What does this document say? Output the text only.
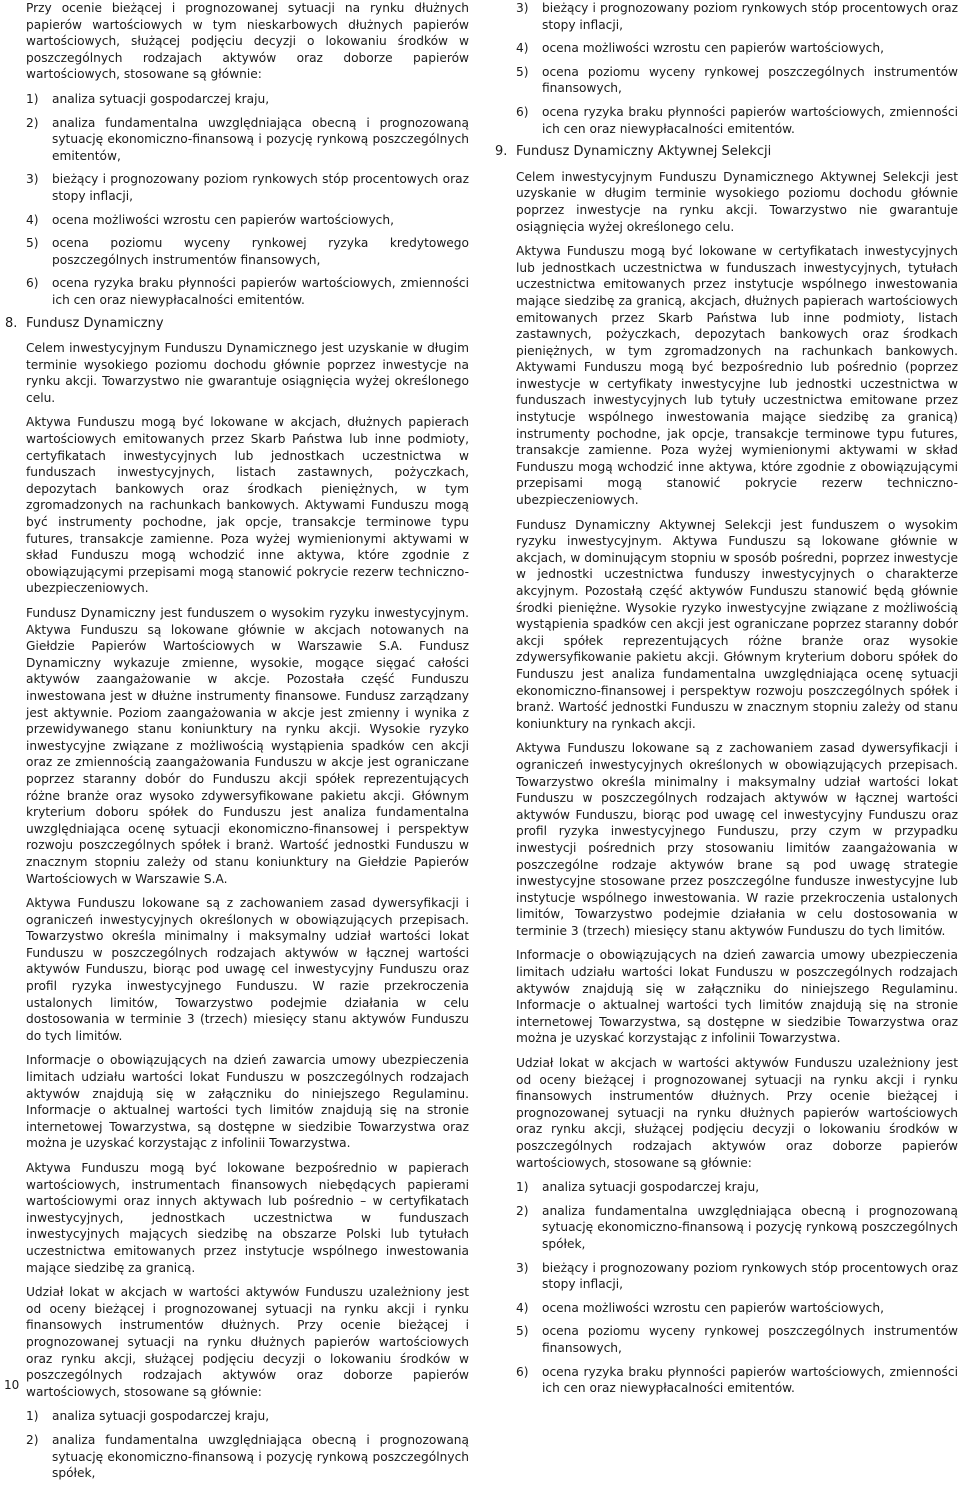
Przy ocenie bieżącej i prognozowanej sytuacji na rynku dłużnych papierów wartościowych w tym nieskarbowych dłużnych papierów wartościowych, służącej podjęciu decyzji o lokowaniu środków w poszczególnych rodzajach aktywów oraz doborze papierów wartościowych, stosowane są głównie:

1)	analiza sytuacji gospodarczej kraju,
2)	analiza fundamentalna uwzględniająca obecną i prognozowaną sytuację ekonomiczno-finansową i pozycję rynkową poszczególnych emitentów,
3)	bieżący i prognozowany poziom rynkowych stóp procentowych oraz stopy inflacji,
4)	ocena możliwości wzrostu cen papierów wartościowych,
5)	ocena poziomu wyceny rynkowej ryzyka kredytowego poszczególnych instrumentów finansowych,
6)	ocena ryzyka braku płynności papierów wartościowych, zmienności ich cen oraz niewypłacalności emitentów.
8. Fundusz Dynamiczny

Celem inwestycyjnym Funduszu Dynamicznego jest uzyskanie w długim terminie wysokiego poziomu dochodu głównie poprzez inwestycje na rynku akcji. Towarzystwo nie gwarantuje osiągnięcia wyżej określonego celu.

Aktywa Funduszu mogą być lokowane w akcjach, dłużnych papierach wartościowych emitowanych przez Skarb Państwa lub inne podmioty, certyfikatach inwestycyjnych lub jednostkach uczestnictwa w funduszach inwestycyjnych, listach zastawnych, pożyczkach, depozytach bankowych oraz środkach pieniężnych, w tym zgromadzonych na rachunkach bankowych. Aktywami Funduszu mogą być instrumenty pochodne, jak opcje, transakcje terminowe typu futures, transakcje zamienne. Poza wyżej wymienionymi aktywami w skład Funduszu mogą wchodzić inne aktywa, które zgodnie z obowiązującymi przepisami mogą stanowić pokrycie rezerw techniczno-ubezpieczeniowych.

Fundusz Dynamiczny jest funduszem o wysokim ryzyku inwestycyjnym. Aktywa Funduszu są lokowane głównie w akcjach notowanych na Giełdzie Papierów Wartościowych w Warszawie S.A. Fundusz Dynamiczny wykazuje zmienne, wysokie, mogące sięgać całości aktywów zaangażowanie w akcje. Pozostała część Funduszu inwestowana jest w dłużne instrumenty finansowe. Fundusz zarządzany jest aktywnie. Poziom zaangażowania w akcje jest zmienny i wynika z przewidywanego stanu koniunktury na rynku akcji. Wysokie ryzyko inwestycyjne związane z możliwością wystąpienia spadków cen akcji oraz ze zmiennością zaangażowania Funduszu w akcje jest ograniczane poprzez staranny dobór do Funduszu akcji spółek reprezentujących różne branże oraz wysoko zdywersyfikowane pakietu akcji. Głównym kryterium doboru spółek do Funduszu jest analiza fundamentalna uwzględniająca ocenę sytuacji ekonomiczno-finansowej i perspektyw rozwoju poszczególnych spółek i branż. Wartość jednostki Funduszu w znacznym stopniu zależy od stanu koniunktury na Giełdzie Papierów Wartościowych w Warszawie S.A.

Aktywa Funduszu lokowane są z zachowaniem zasad dywersyfikacji i ograniczeń inwestycyjnych określonych w obowiązujących przepisach. Towarzystwo określa minimalny i maksymalny udział wartości lokat Funduszu w poszczególnych rodzajach aktywów w łącznej wartości aktywów Funduszu, biorąc pod uwagę cel inwestycyjny Funduszu oraz profil ryzyka inwestycyjnego Funduszu. W razie przekroczenia ustalonych limitów, Towarzystwo podejmie działania w celu dostosowania w terminie 3 (trzech) miesięcy stanu aktywów Funduszu do tych limitów.

Informacje o obowiązujących na dzień zawarcia umowy ubezpieczenia limitach udziału wartości lokat Funduszu w poszczególnych rodzajach aktywów znajdują się w załączniku do niniejszego Regulaminu. Informacje o aktualnej wartości tych limitów znajdują się na stronie internetowej Towarzystwa, są dostępne w siedzibie Towarzystwa oraz można je uzyskać korzystając z infolinii Towarzystwa.

Aktywa Funduszu mogą być lokowane bezpośrednio w papierach wartościowych, instrumentach finansowych niebędących papierami wartościowymi oraz innych aktywach lub pośrednio – w certyfikatach inwestycyjnych, jednostkach uczestnictwa w funduszach inwestycyjnych mających siedzibę na obszarze Polski lub tytułach uczestnictwa emitowanych przez instytucje wspólnego inwestowania mające siedzibę za granicą.

Udział lokat w akcjach w wartości aktywów Funduszu uzależniony jest od oceny bieżącej i prognozowanej sytuacji na rynku akcji i rynku finansowych instrumentów dłużnych. Przy ocenie bieżącej i prognozowanej sytuacji na rynku dłużnych papierów wartościowych oraz rynku akcji, służącej podjęciu decyzji o lokowaniu środków w poszczególnych rodzajach aktywów oraz doborze papierów wartościowych, stosowane są głównie:

1)	analiza sytuacji gospodarczej kraju,
2)	analiza fundamentalna uwzględniająca obecną i prognozowaną sytuację ekonomiczno-finansową i pozycję rynkową poszczególnych spółek,
3)	bieżący i prognozowany poziom rynkowych stóp procentowych oraz stopy inflacji,
4)	ocena możliwości wzrostu cen papierów wartościowych,
5)	ocena poziomu wyceny rynkowej poszczególnych instrumentów finansowych,
6)	ocena ryzyka braku płynności papierów wartościowych, zmienności ich cen oraz niewypłacalności emitentów.
9. Fundusz Dynamiczny Aktywnej Selekcji

Celem inwestycyjnym Funduszu Dynamicznego Aktywnej Selekcji jest uzyskanie w długim terminie wysokiego poziomu dochodu głównie poprzez inwestycje na rynku akcji. Towarzystwo nie gwarantuje osiągnięcia wyżej określonego celu.

Aktywa Funduszu mogą być lokowane w certyfikatach inwestycyjnych lub jednostkach uczestnictwa w funduszach inwestycyjnych, tytułach uczestnictwa emitowanych przez instytucje wspólnego inwestowania mające siedzibę za granicą, akcjach, dłużnych papierach wartościowych emitowanych przez Skarb Państwa lub inne podmioty, listach zastawnych, pożyczkach, depozytach bankowych oraz środkach pieniężnych, w tym zgromadzonych na rachunkach bankowych. Aktywami Funduszu mogą być bezpośrednio lub pośrednio (poprzez inwestycje w certyfikaty inwestycyjne lub jednostki uczestnictwa w funduszach inwestycyjnych lub tytuły uczestnictwa emitowane przez instytucje wspólnego inwestowania mające siedzibę za granicą) instrumenty pochodne, jak opcje, transakcje terminowe typu futures, transakcje zamienne. Poza wyżej wymienionymi aktywami w skład Funduszu mogą wchodzić inne aktywa, które zgodnie z obowiązującymi przepisami mogą stanowić pokrycie rezerw techniczno-ubezpieczeniowych.

Fundusz Dynamiczny Aktywnej Selekcji jest funduszem o wysokim ryzyku inwestycyjnym. Aktywa Funduszu są lokowane głównie w akcjach, w dominującym stopniu w sposób pośredni, poprzez inwestycje w jednostki uczestnictwa funduszy inwestycyjnych o charakterze akcyjnym. Pozostałą część aktywów Funduszu stanowić będą głównie środki pieniężne. Wysokie ryzyko inwestycyjne związane z możliwością wystąpienia spadków cen akcji jest ograniczane poprzez staranny dobór akcji spółek reprezentujących różne branże oraz wysokie zdywersyfikowanie pakietu akcji. Głównym kryterium doboru spółek do Funduszu jest analiza fundamentalna uwzględniająca ocenę sytuacji ekonomiczno-finansowej i perspektyw rozwoju poszczególnych spółek i branż. Wartość jednostki Funduszu w znacznym stopniu zależy od stanu koniunktury na rynkach akcji.

Aktywa Funduszu lokowane są z zachowaniem zasad dywersyfikacji i ograniczeń inwestycyjnych określonych w obowiązujących przepisach. Towarzystwo określa minimalny i maksymalny udział wartości lokat Funduszu w poszczególnych rodzajach aktywów w łącznej wartości aktywów Funduszu, biorąc pod uwagę cel inwestycyjny Funduszu oraz profil ryzyka inwestycyjnego Funduszu, przy czym w przypadku inwestycji pośrednich przy stosowaniu limitów zaangażowania w poszczególne rodzaje aktywów brane są pod uwagę strategie inwestycyjne stosowane przez poszczególne fundusze inwestycyjne lub instytucje wspólnego inwestowania. W razie przekroczenia ustalonych limitów, Towarzystwo podejmie działania w celu dostosowania w terminie 3 (trzech) miesięcy stanu aktywów Funduszu do tych limitów.

Informacje o obowiązujących na dzień zawarcia umowy ubezpieczenia limitach udziału wartości lokat Funduszu w poszczególnych rodzajach aktywów znajdują się w załączniku do niniejszego Regulaminu. Informacje o aktualnej wartości tych limitów znajdują się na stronie internetowej Towarzystwa, są dostępne w siedzibie Towarzystwa oraz można je uzyskać korzystając z infolinii Towarzystwa.

Udział lokat w akcjach w wartości aktywów Funduszu uzależniony jest od oceny bieżącej i prognozowanej sytuacji na rynku akcji i rynku finansowych instrumentów dłużnych. Przy ocenie bieżącej i prognozowanej sytuacji na rynku dłużnych papierów wartościowych oraz rynku akcji, służącej podjęciu decyzji o lokowaniu środków w poszczególnych rodzajach aktywów oraz doborze papierów wartościowych, stosowane są głównie:

1)	analiza sytuacji gospodarczej kraju,
2)	analiza fundamentalna uwzględniająca obecną i prognozowaną sytuację ekonomiczno-finansową i pozycję rynkową poszczególnych spółek,
3)	bieżący i prognozowany poziom rynkowych stóp procentowych oraz stopy inflacji,
4)	ocena możliwości wzrostu cen papierów wartościowych,
5)	ocena poziomu wyceny rynkowej poszczególnych instrumentów finansowych,
6)	ocena ryzyka braku płynności papierów wartościowych, zmienności ich cen oraz niewypłacalności emitentów.
10
